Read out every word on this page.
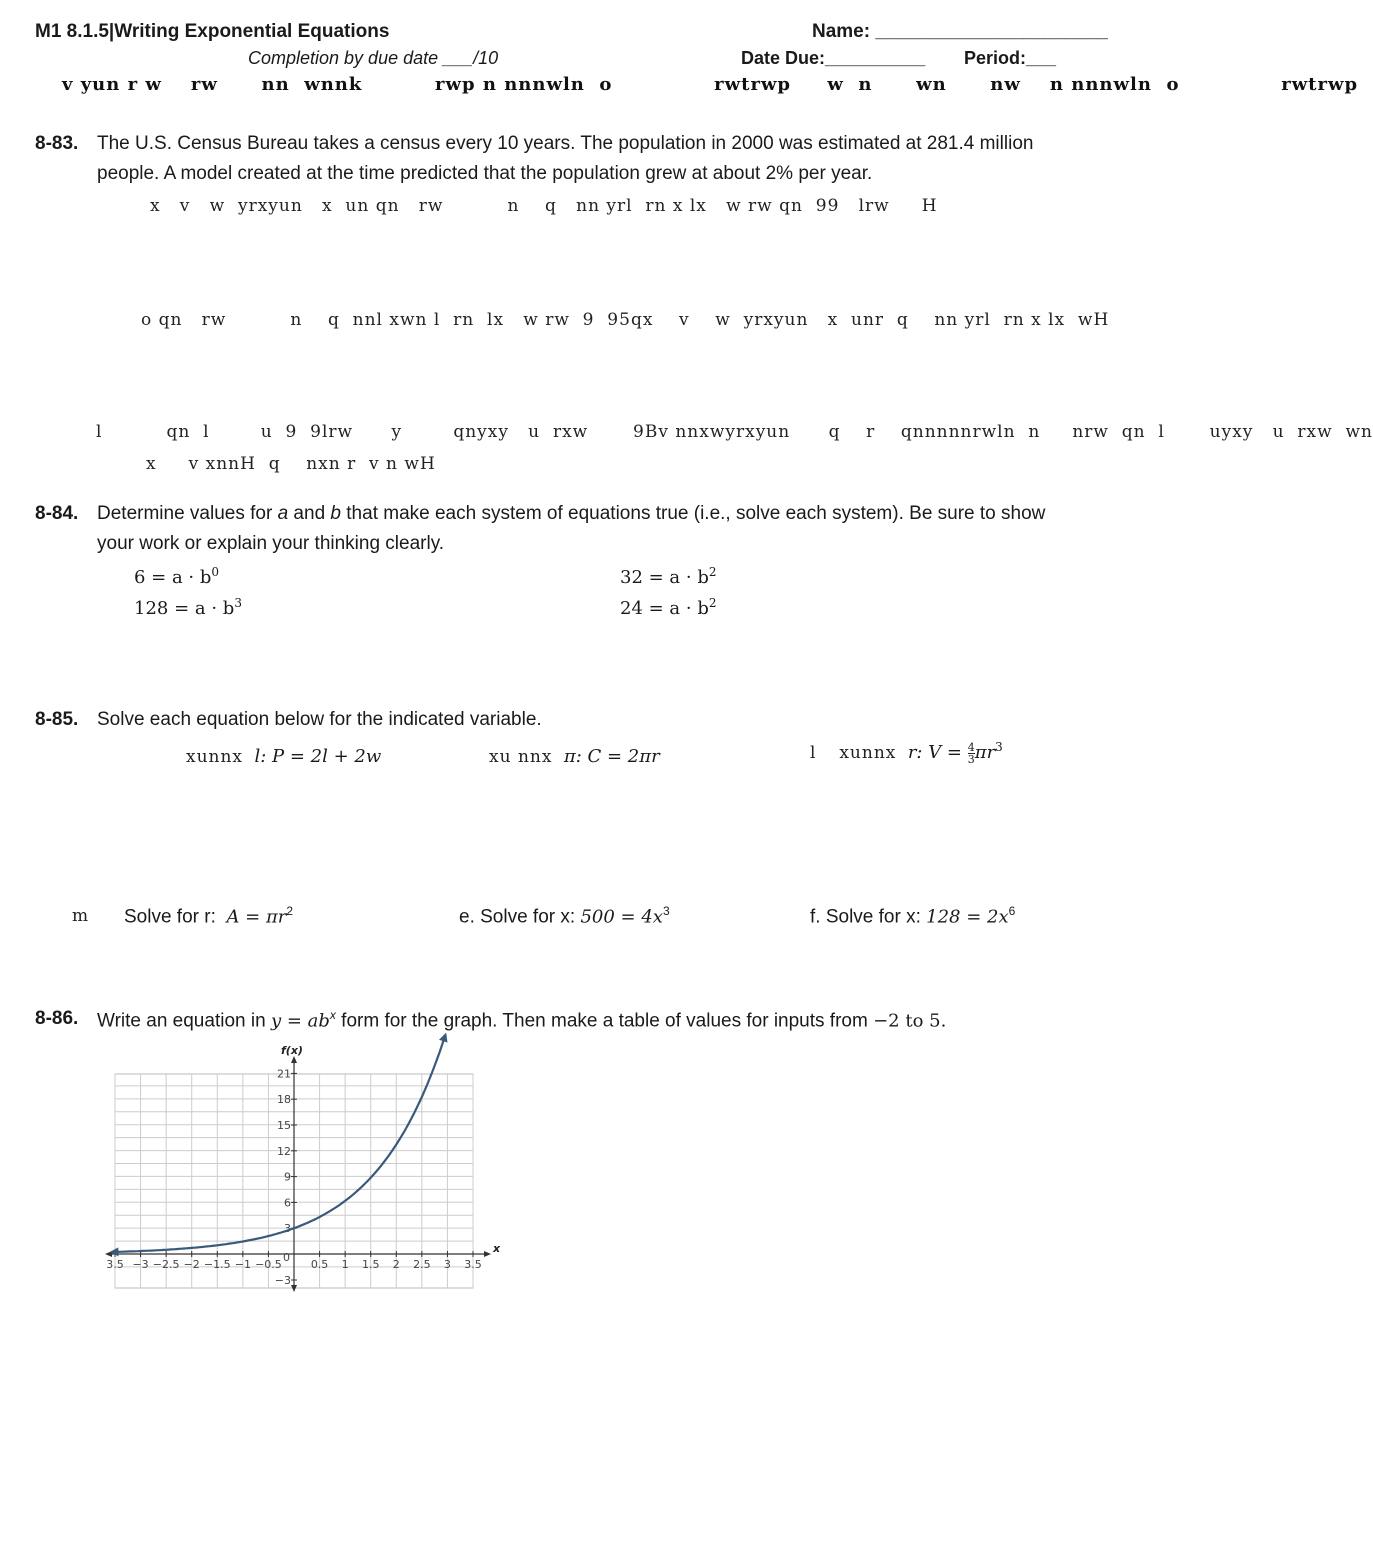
M1 8.1.5|Writing Exponential Equations	Name: ______________________
Completion by due date ___/10	Date Due:__________ Period:___
v yun r w    rw      nn  wnnk          rwp n nnnwln  o              rwtrwp     w  n      wn      nw    n nnnwln  o              rwtrwp
8-83. The U.S. Census Bureau takes a census every 10 years. The population in 2000 was estimated at 281.4 million
people. A model created at the time predicted that the population grew at about 2% per year.
x   v   w  yrxyun   x  un qn   rw          n    q   nn yrl  rn x lx   w rw qn  99   lrw     H
o qn   rw          n    q  nnl xwn l  rn  lx   w rw  9  95qx    v    w  yrxyun   x  unr  q    nn yrl  rn x lx  wH
l          qn  l        u  9  9lrw      y        qnyxy   u  rxw       9Bv nnxwyrxyun      q    r    qnnnnnrwln  n     nrw  qn  l       uyxy   u  rxw  wn
x     v xnnH  q    nxn r  v n wH
8-84. Determine values for a and b that make each system of equations true (i.e., solve each system). Be sure to show
your work or explain your thinking clearly.
$6 = a \cdot b^0$
$128 = a \cdot b^3$
$32 = a \cdot b^2$
$24 = a \cdot b^2$
8-85. Solve each equation below for the indicated variable.
xunnx l: P = 2l + 2w	xu nnx π: C = 2πr	l xunnx r: $V = \frac{4}{3} \pi r^3$
m Solve for r: $A = \pi r^2$	e. Solve for x: $500 = 4x^3$	f. Solve for x: $128 = 2x^6$
8-86. Write an equation in $y = ab^x$ form for the graph. Then make a table of values for inputs from −2 to 5.
f(x)
x
3.5 −3 −2.5 −2 −1.5 −1 −0.5	0.5 1 1.5 2 2.5 3 3.5
0
−3
3
6
9
12
15
18
21
